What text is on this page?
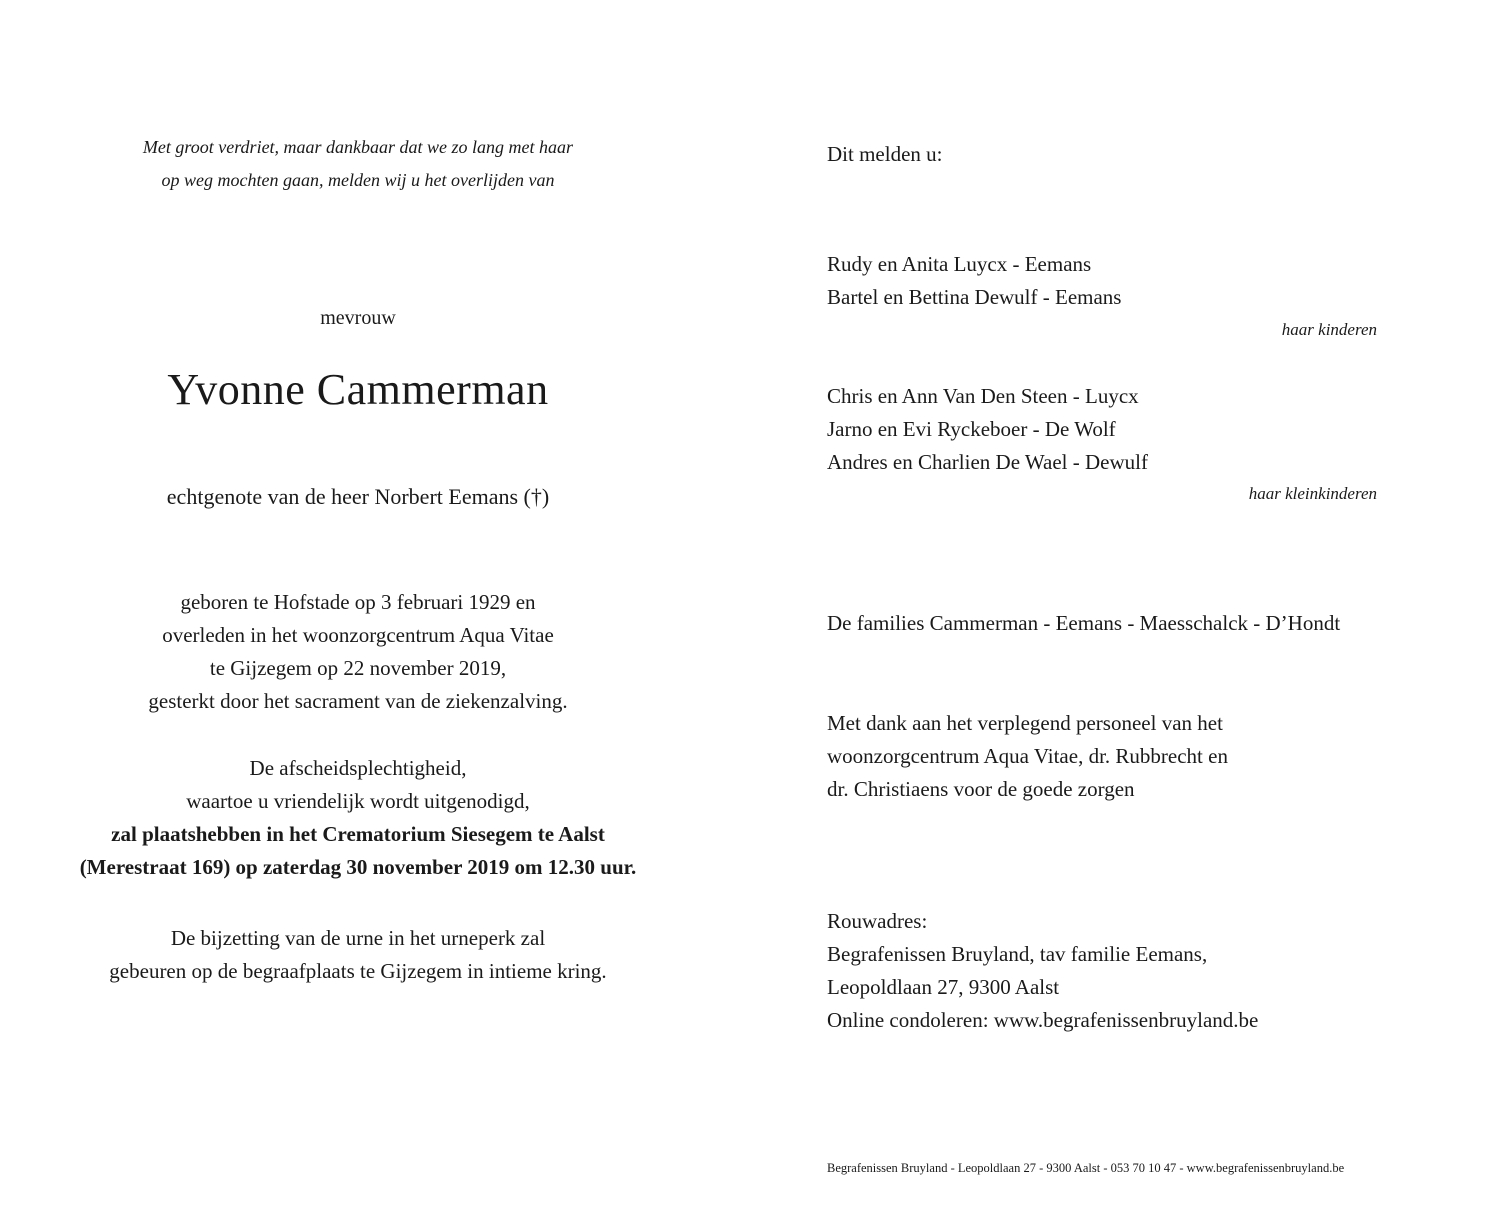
Met groot verdriet, maar dankbaar dat we zo lang met haar
op weg mochten gaan, melden wij u het overlijden van
mevrouw
Yvonne Cammerman
echtgenote van de heer Norbert Eemans (†)
geboren te Hofstade op 3 februari 1929 en
overleden in het woonzorgcentrum Aqua Vitae
te Gijzegem op 22 november 2019,
gesterkt door het sacrament van de ziekenzalving.
De afscheidsplechtigheid,
waartoe u vriendelijk wordt uitgenodigd,
zal plaatshebben in het Crematorium Siesegem te Aalst
(Merestraat 169) op zaterdag 30 november 2019 om 12.30 uur.
De bijzetting van de urne in het urneperk zal
gebeuren op de begraafplaats te Gijzegem in intieme kring.
Dit melden u:
Rudy en Anita Luycx - Eemans
Bartel en Bettina Dewulf - Eemans
haar kinderen
Chris en Ann Van Den Steen - Luycx
Jarno en Evi Ryckeboer - De Wolf
Andres en Charlien De Wael - Dewulf
haar kleinkinderen
De families Cammerman - Eemans - Maesschalck - D’Hondt
Met dank aan het verplegend personeel van het
woonzorgcentrum Aqua Vitae, dr. Rubbrecht en
dr. Christiaens voor de goede zorgen
Rouwadres:
Begrafenissen Bruyland, tav familie Eemans,
Leopoldlaan 27, 9300 Aalst
Online condoleren: www.begrafenissenbruyland.be
Begrafenissen Bruyland - Leopoldlaan 27 - 9300 Aalst - 053 70 10 47 - www.begrafenissenbruyland.be
